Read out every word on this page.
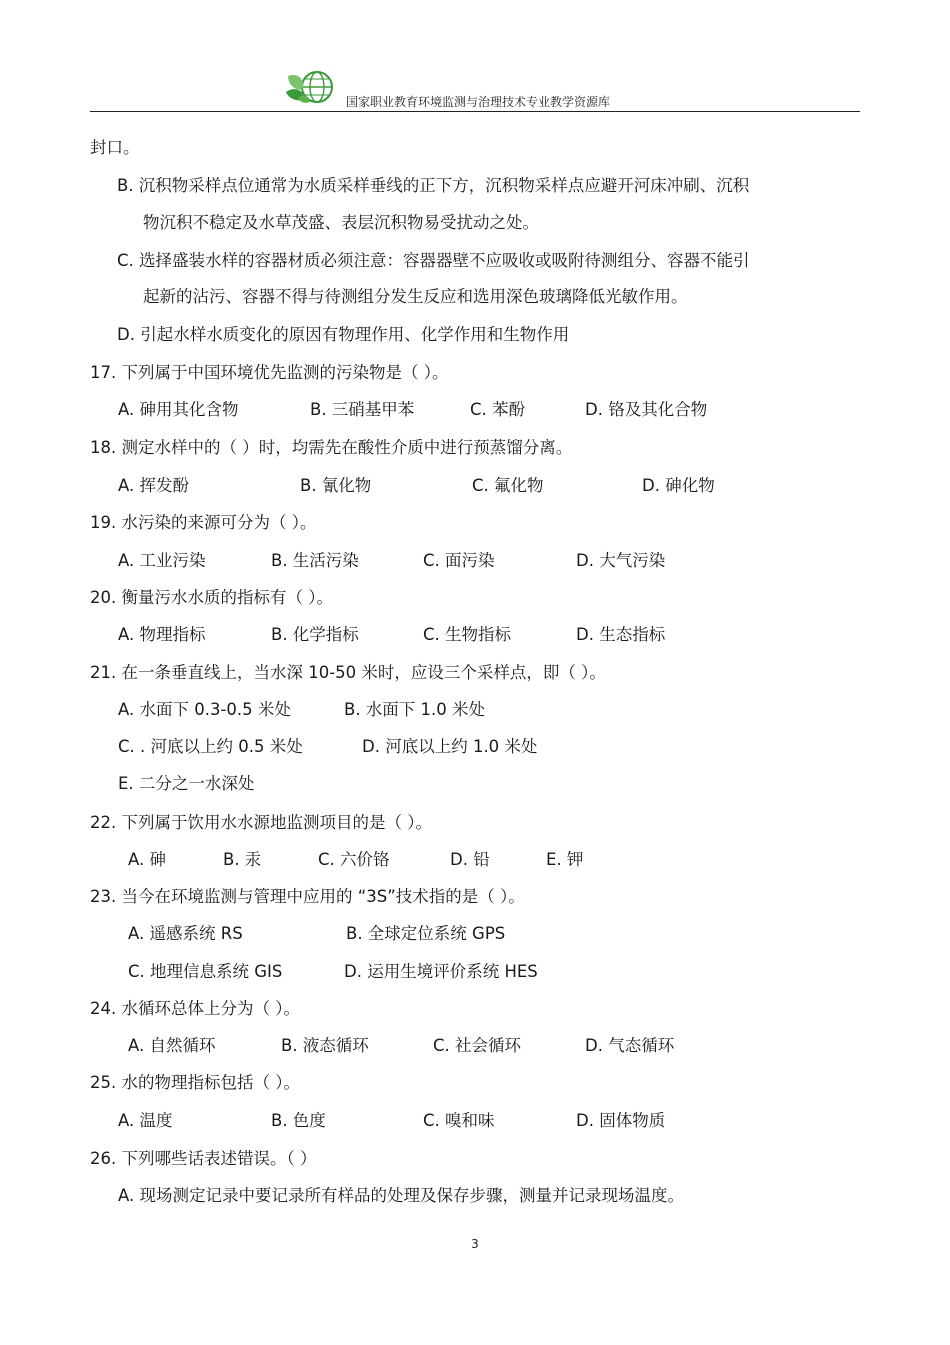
国家职业教育环境监测与治理技术专业教学资源库
封口。
B. 沉积物采样点位通常为水质采样垂线的正下方，沉积物采样点应避开河床冲刷、沉积
物沉积不稳定及水草茂盛、表层沉积物易受扰动之处。
C. 选择盛装水样的容器材质必须注意：容器器壁不应吸收或吸附待测组分、容器不能引
起新的沾污、容器不得与待测组分发生反应和选用深色玻璃降低光敏作用。
D. 引起水样水质变化的原因有物理作用、化学作用和生物作用
17. 下列属于中国环境优先监测的污染物是（ ）。
A. 砷用其化含物	B. 三硝基甲苯	C. 苯酚	D. 铬及其化合物
18. 测定水样中的（ ）时，均需先在酸性介质中进行预蒸馏分离。
A. 挥发酚	B. 氰化物	C. 氟化物	D. 砷化物
19. 水污染的来源可分为（ ）。
A. 工业污染	B. 生活污染	C. 面污染	D. 大气污染
20. 衡量污水水质的指标有（ ）。
A. 物理指标	B. 化学指标	C. 生物指标	D. 生态指标
21. 在一条垂直线上，当水深 10-50 米时，应设三个采样点，即（ ）。
A. 水面下 0.3-0.5 米处	B. 水面下 1.0 米处
C. . 河底以上约 0.5 米处	D. 河底以上约 1.0 米处
E. 二分之一水深处
22. 下列属于饮用水水源地监测项目的是（ ）。
A. 砷	B. 汞	C. 六价铬	D. 铅	E. 钾
23. 当今在环境监测与管理中应用的 “3S”技术指的是（ ）。
A. 遥感系统 RS	B. 全球定位系统 GPS
C. 地理信息系统 GIS	D. 运用生境评价系统 HES
24. 水循环总体上分为（ ）。
A. 自然循环	B. 液态循环	C. 社会循环	D. 气态循环
25. 水的物理指标包括（ ）。
A. 温度	B. 色度	C. 嗅和味	D. 固体物质
26. 下列哪些话表述错误。（ ）
A. 现场测定记录中要记录所有样品的处理及保存步骤，测量并记录现场温度。
3
